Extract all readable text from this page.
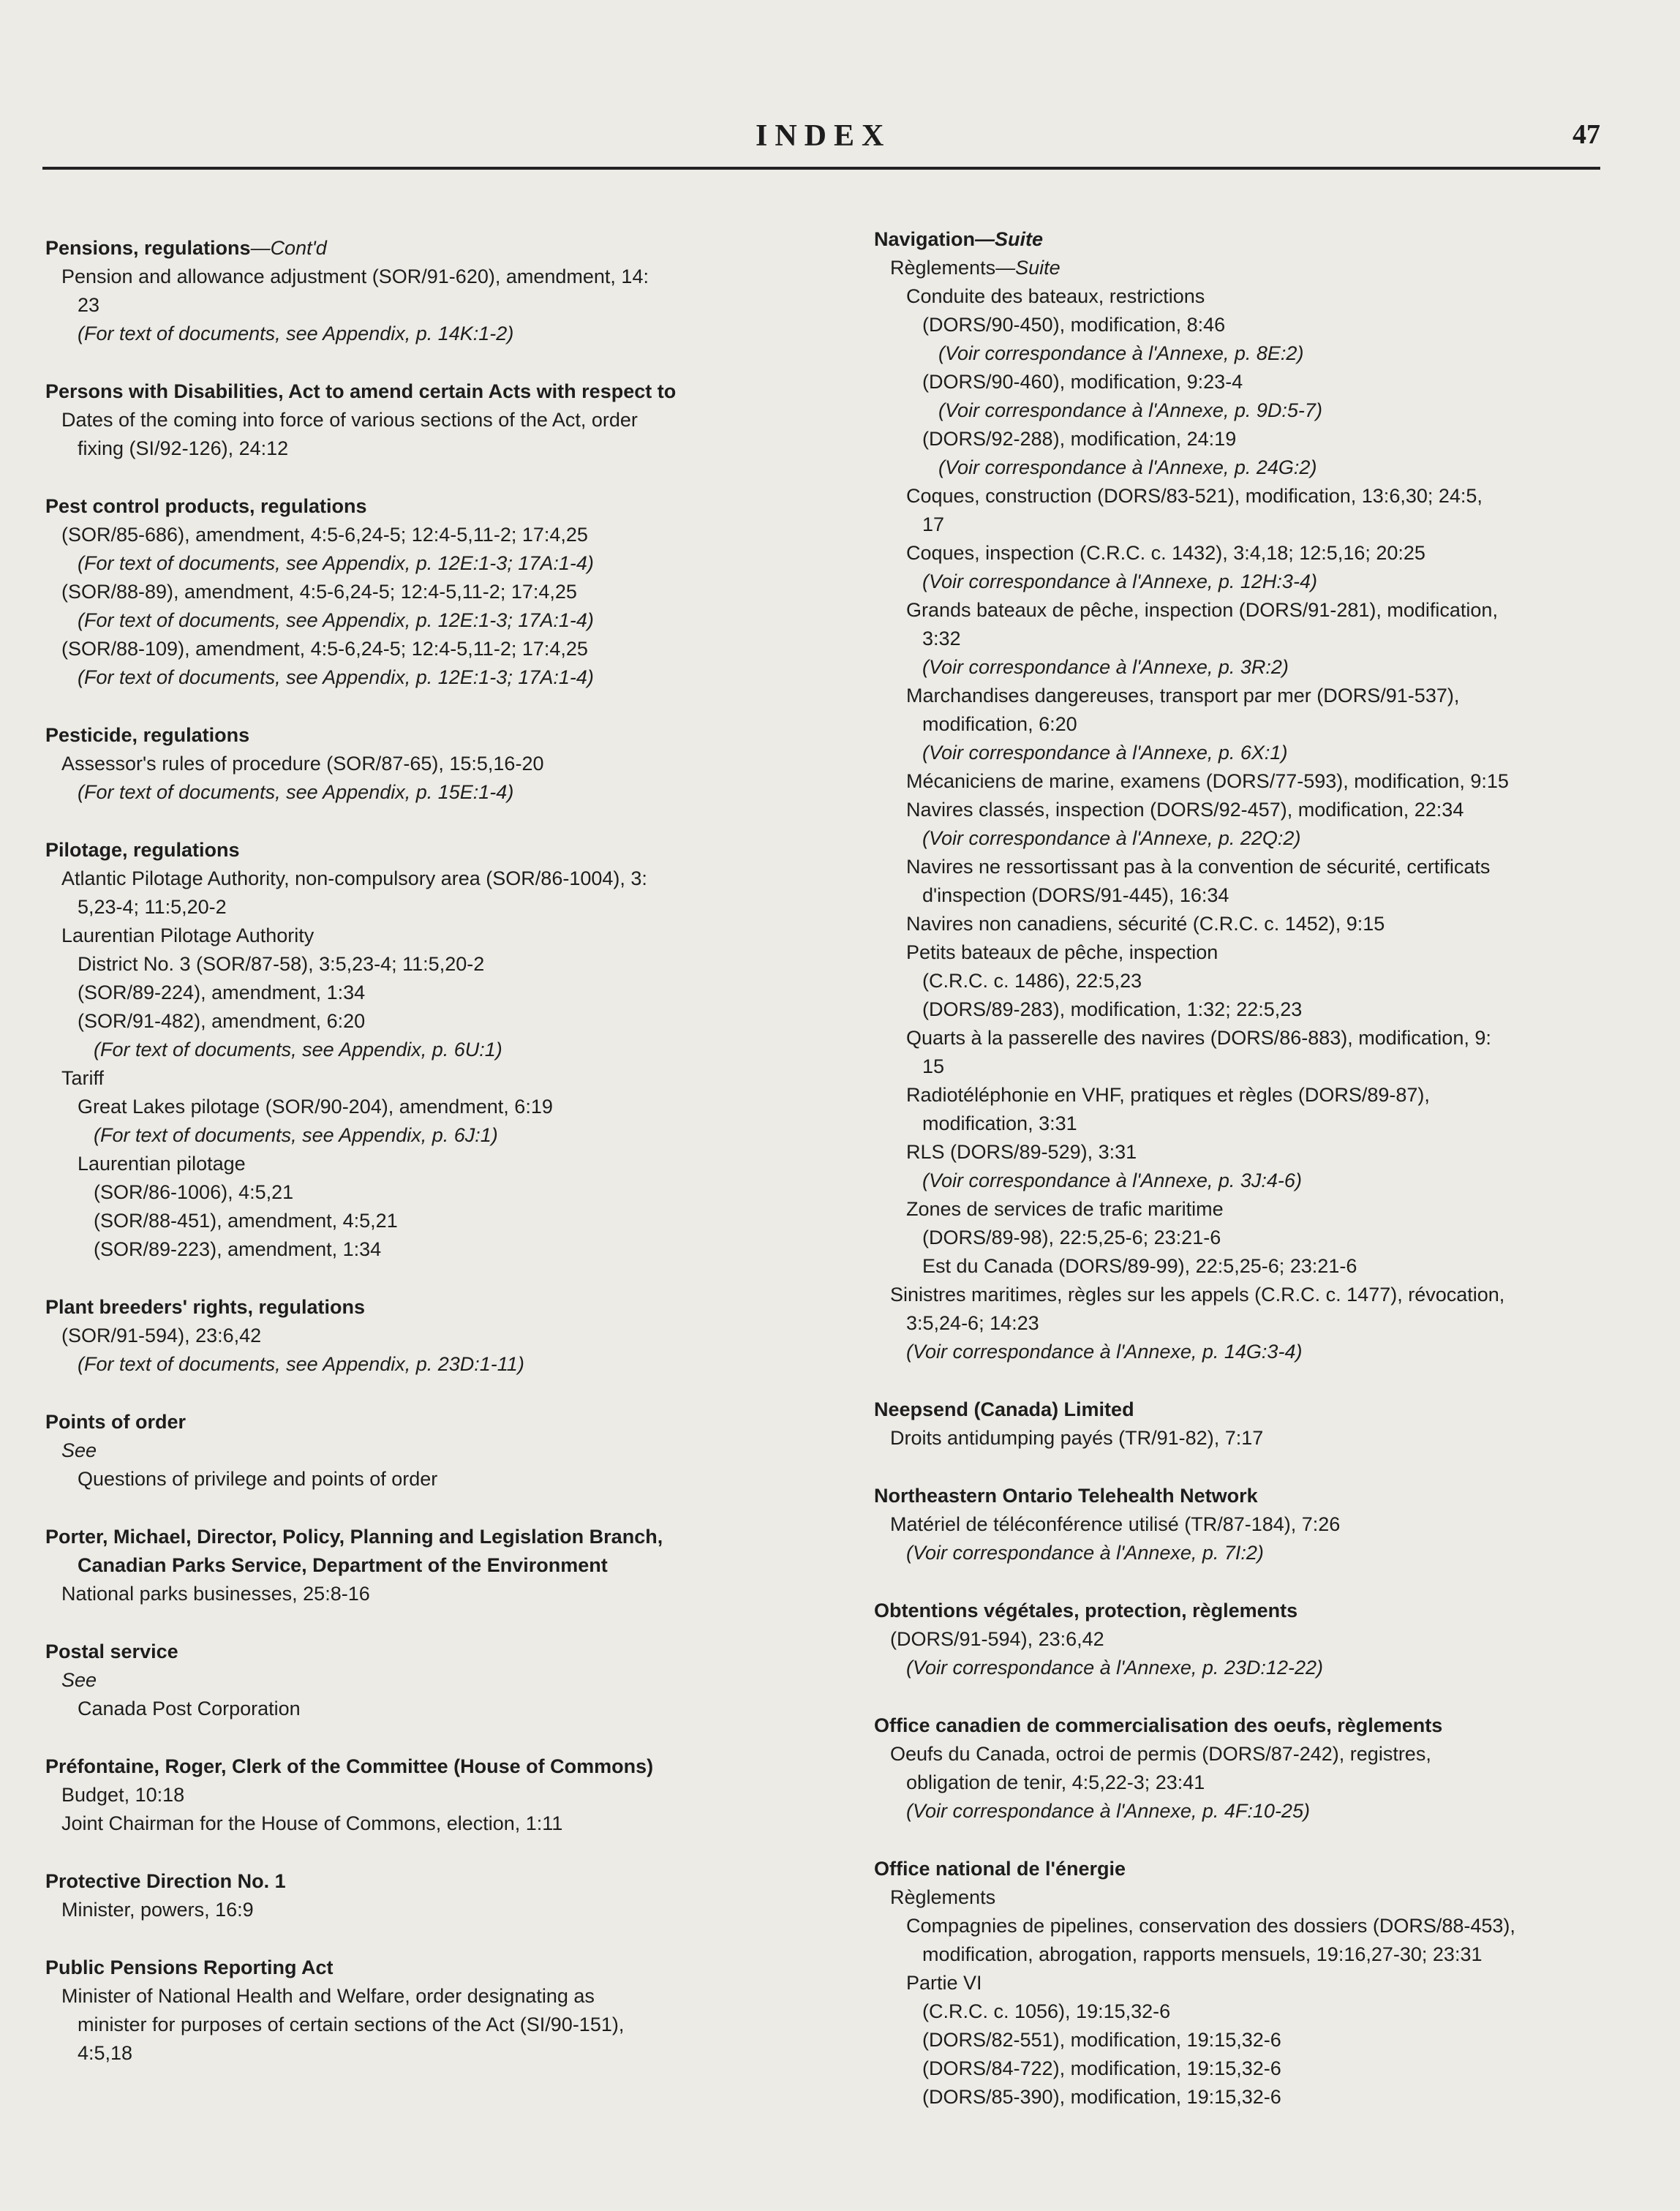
INDEX	47
Pensions, regulations—Cont'd
Pension and allowance adjustment (SOR/91-620), amendment, 14:
23
(For text of documents, see Appendix, p. 14K:1-2)
Persons with Disabilities, Act to amend certain Acts with respect to
Dates of the coming into force of various sections of the Act, order
fixing (SI/92-126), 24:12
Pest control products, regulations
(SOR/85-686), amendment, 4:5-6,24-5; 12:4-5,11-2; 17:4,25
(For text of documents, see Appendix, p. 12E:1-3; 17A:1-4)
(SOR/88-89), amendment, 4:5-6,24-5; 12:4-5,11-2; 17:4,25
(For text of documents, see Appendix, p. 12E:1-3; 17A:1-4)
(SOR/88-109), amendment, 4:5-6,24-5; 12:4-5,11-2; 17:4,25
(For text of documents, see Appendix, p. 12E:1-3; 17A:1-4)
Pesticide, regulations
Assessor's rules of procedure (SOR/87-65), 15:5,16-20
(For text of documents, see Appendix, p. 15E:1-4)
Pilotage, regulations
Atlantic Pilotage Authority, non-compulsory area (SOR/86-1004), 3:
5,23-4; 11:5,20-2
Laurentian Pilotage Authority
District No. 3 (SOR/87-58), 3:5,23-4; 11:5,20-2
(SOR/89-224), amendment, 1:34
(SOR/91-482), amendment, 6:20
(For text of documents, see Appendix, p. 6U:1)
Tariff
Great Lakes pilotage (SOR/90-204), amendment, 6:19
(For text of documents, see Appendix, p. 6J:1)
Laurentian pilotage
(SOR/86-1006), 4:5,21
(SOR/88-451), amendment, 4:5,21
(SOR/89-223), amendment, 1:34
Plant breeders' rights, regulations
(SOR/91-594), 23:6,42
(For text of documents, see Appendix, p. 23D:1-11)
Points of order
See
Questions of privilege and points of order
Porter, Michael, Director, Policy, Planning and Legislation Branch,
Canadian Parks Service, Department of the Environment
National parks businesses, 25:8-16
Postal service
See
Canada Post Corporation
Préfontaine, Roger, Clerk of the Committee (House of Commons)
Budget, 10:18
Joint Chairman for the House of Commons, election, 1:11
Protective Direction No. 1
Minister, powers, 16:9
Public Pensions Reporting Act
Minister of National Health and Welfare, order designating as
minister for purposes of certain sections of the Act (SI/90-151),
4:5,18
Navigation—Suite
Règlements—Suite
Conduite des bateaux, restrictions
(DORS/90-450), modification, 8:46
(Voir correspondance à l'Annexe, p. 8E:2)
(DORS/90-460), modification, 9:23-4
(Voir correspondance à l'Annexe, p. 9D:5-7)
(DORS/92-288), modification, 24:19
(Voir correspondance à l'Annexe, p. 24G:2)
Coques, construction (DORS/83-521), modification, 13:6,30; 24:5,
17
Coques, inspection (C.R.C. c. 1432), 3:4,18; 12:5,16; 20:25
(Voir correspondance à l'Annexe, p. 12H:3-4)
Grands bateaux de pêche, inspection (DORS/91-281), modification,
3:32
(Voir correspondance à l'Annexe, p. 3R:2)
Marchandises dangereuses, transport par mer (DORS/91-537),
modification, 6:20
(Voir correspondance à l'Annexe, p. 6X:1)
Mécaniciens de marine, examens (DORS/77-593), modification, 9:15
Navires classés, inspection (DORS/92-457), modification, 22:34
(Voir correspondance à l'Annexe, p. 22Q:2)
Navires ne ressortissant pas à la convention de sécurité, certificats
d'inspection (DORS/91-445), 16:34
Navires non canadiens, sécurité (C.R.C. c. 1452), 9:15
Petits bateaux de pêche, inspection
(C.R.C. c. 1486), 22:5,23
(DORS/89-283), modification, 1:32; 22:5,23
Quarts à la passerelle des navires (DORS/86-883), modification, 9:
15
Radiotéléphonie en VHF, pratiques et règles (DORS/89-87),
modification, 3:31
RLS (DORS/89-529), 3:31
(Voir correspondance à l'Annexe, p. 3J:4-6)
Zones de services de trafic maritime
(DORS/89-98), 22:5,25-6; 23:21-6
Est du Canada (DORS/89-99), 22:5,25-6; 23:21-6
Sinistres maritimes, règles sur les appels (C.R.C. c. 1477), révocation,
3:5,24-6; 14:23
(Voir correspondance à l'Annexe, p. 14G:3-4)
Neepsend (Canada) Limited
Droits antidumping payés (TR/91-82), 7:17
Northeastern Ontario Telehealth Network
Matériel de téléconférence utilisé (TR/87-184), 7:26
(Voir correspondance à l'Annexe, p. 7I:2)
Obtentions végétales, protection, règlements
(DORS/91-594), 23:6,42
(Voir correspondance à l'Annexe, p. 23D:12-22)
Office canadien de commercialisation des oeufs, règlements
Oeufs du Canada, octroi de permis (DORS/87-242), registres,
obligation de tenir, 4:5,22-3; 23:41
(Voir correspondance à l'Annexe, p. 4F:10-25)
Office national de l'énergie
Règlements
Compagnies de pipelines, conservation des dossiers (DORS/88-453),
modification, abrogation, rapports mensuels, 19:16,27-30; 23:31
Partie VI
(C.R.C. c. 1056), 19:15,32-6
(DORS/82-551), modification, 19:15,32-6
(DORS/84-722), modification, 19:15,32-6
(DORS/85-390), modification, 19:15,32-6
